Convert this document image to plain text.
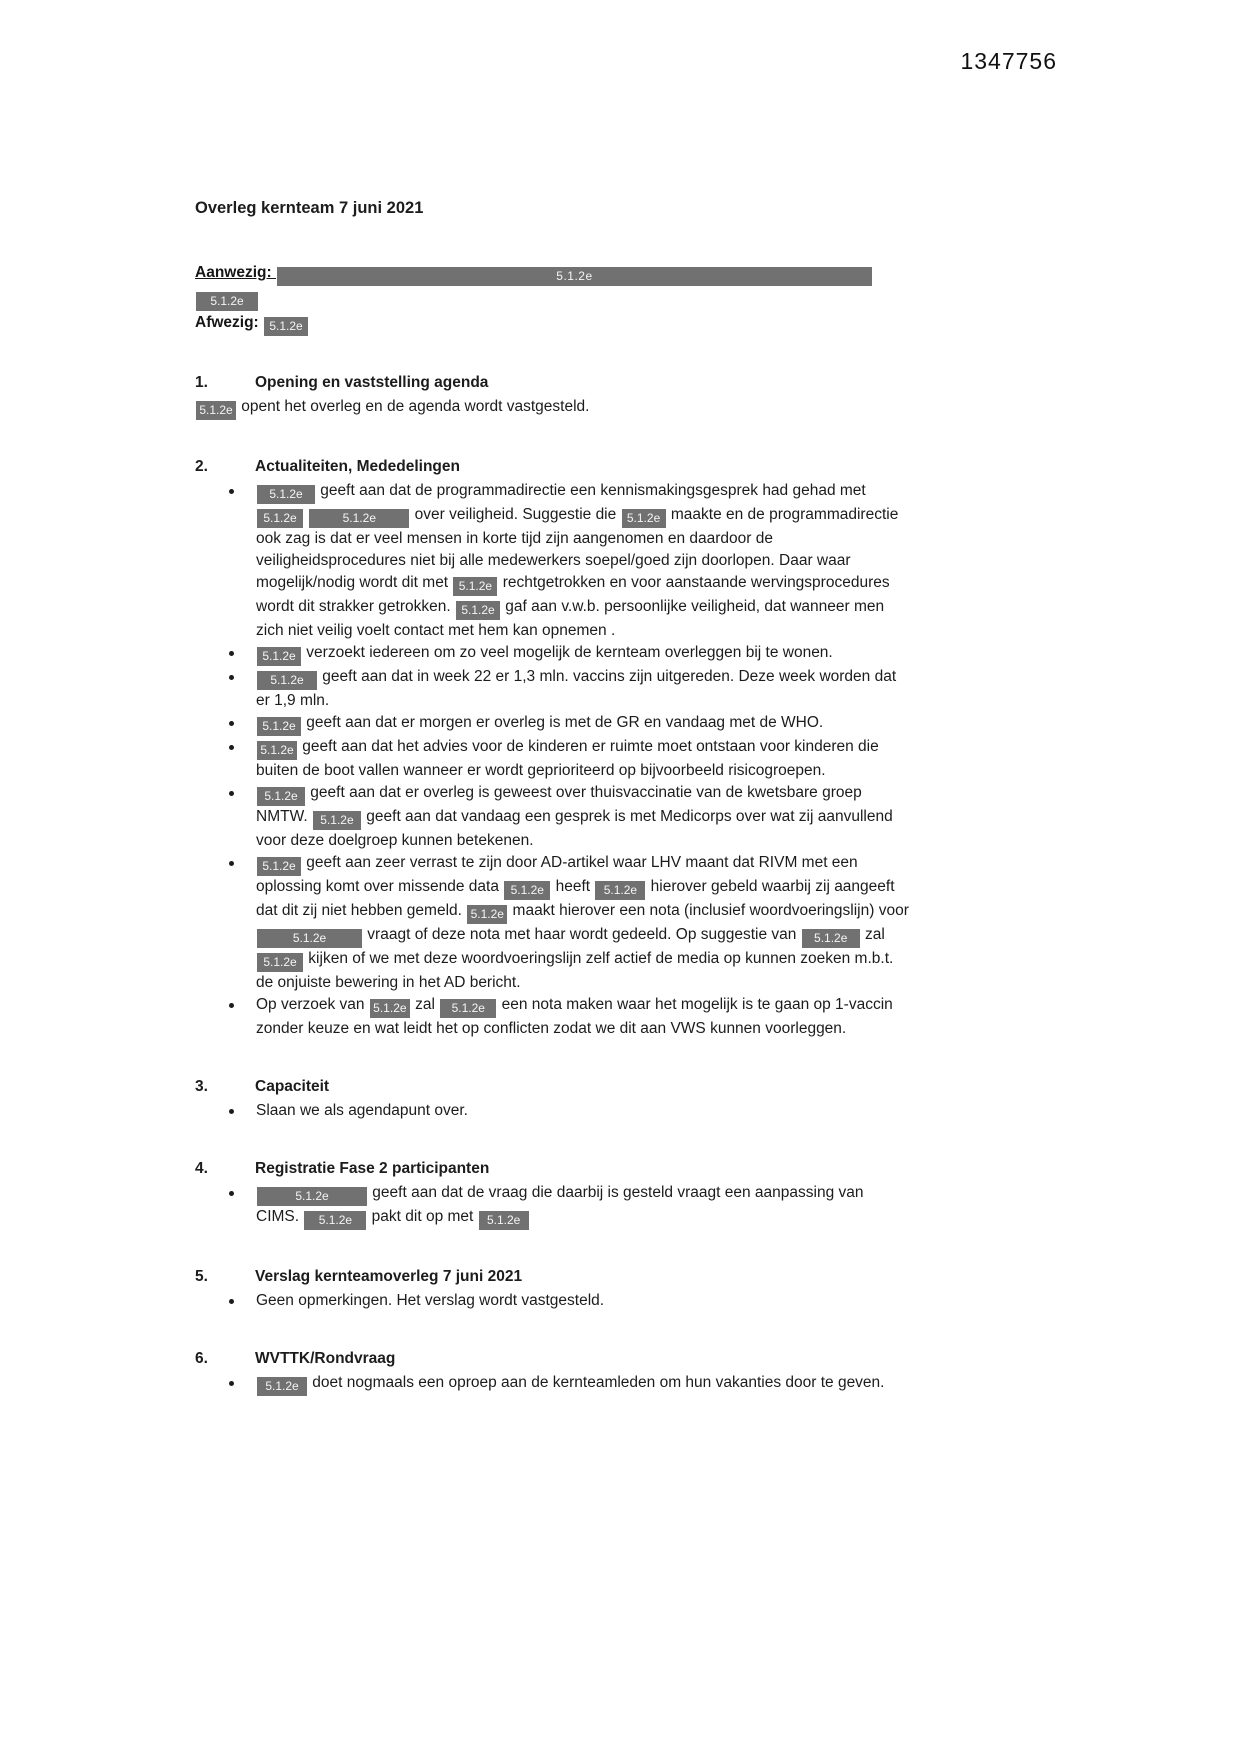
1347756
Overleg kernteam 7 juni 2021
Aanwezig:	5.1.2e
5.1.2e
Afwezig: 5.1.2e
1.	Opening en vaststelling agenda
5.1.2e opent het overleg en de agenda wordt vastgesteld.
2.	Actualiteiten, Mededelingen
5.1.2e geeft aan dat de programmadirectie een kennismakingsgesprek had gehad met 5.1.2e	5.1.2e over veiligheid. Suggestie die 5.1.2e maakte en de programmadirectie ook zag is dat er veel mensen in korte tijd zijn aangenomen en daardoor de veiligheidsprocedures niet bij alle medewerkers soepel/goed zijn doorlopen. Daar waar mogelijk/nodig wordt dit met 5.1.2e rechtgetrokken en voor aanstaande wervingsprocedures wordt dit strakker getrokken. 5.1.2e gaf aan v.w.b. persoonlijke veiligheid, dat wanneer men zich niet veilig voelt contact met hem kan opnemen .
5.1.2e verzoekt iedereen om zo veel mogelijk de kernteam overleggen bij te wonen.
5.1.2e geeft aan dat in week 22 er 1,3 mln. vaccins zijn uitgereden. Deze week worden dat er 1,9 mln.
5.1.2e geeft aan dat er morgen er overleg is met de GR en vandaag met de WHO.
5.1.2e geeft aan dat het advies voor de kinderen er ruimte moet ontstaan voor kinderen die buiten de boot vallen wanneer er wordt geprioriteerd op bijvoorbeeld risicogroepen.
5.1.2e geeft aan dat er overleg is geweest over thuisvaccinatie van de kwetsbare groep NMTW. 5.1.2e geeft aan dat vandaag een gesprek is met Medicorps over wat zij aanvullend voor deze doelgroep kunnen betekenen.
5.1.2e geeft aan zeer verrast te zijn door AD-artikel waar LHV maant dat RIVM met een oplossing komt over missende data 5.1.2e heeft 5.1.2e hierover gebeld waarbij zij aangeeft dat dit zij niet hebben gemeld. 5.1.2e maakt hierover een nota (inclusief woordvoeringslijn) voor 5.1.2e vraagt of deze nota met haar wordt gedeeld. Op suggestie van 5.1.2e zal 5.1.2e kijken of we met deze woordvoeringslijn zelf actief de media op kunnen zoeken m.b.t. de onjuiste bewering in het AD bericht.
Op verzoek van 5.1.2e zal 5.1.2e een nota maken waar het mogelijk is te gaan op 1-vaccin zonder keuze en wat leidt het op conflicten zodat we dit aan VWS kunnen voorleggen.
3.	Capaciteit
Slaan we als agendapunt over.
4.	Registratie Fase 2 participanten
5.1.2e	geeft aan dat de vraag die daarbij is gesteld vraagt een aanpassing van CIMS. 5.1.2e pakt dit op met 5.1.2e
5.	Verslag kernteamoverleg 7 juni 2021
Geen opmerkingen. Het verslag wordt vastgesteld.
6.	WVTTK/Rondvraag
5.1.2e doet nogmaals een oproep aan de kernteamleden om hun vakanties door te geven.
